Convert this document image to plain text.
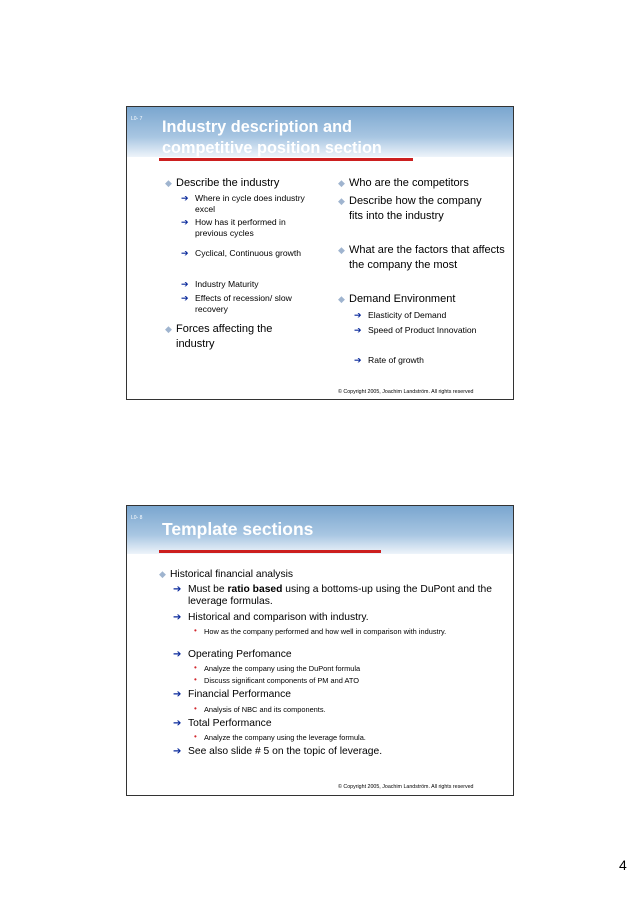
L0- 7 Industry description and
competitive position section
◆ Describe the industry
➔ Where in cycle does industry excel
➔ How has it performed in previous cycles
➔ Cyclical, Continuous growth
➔ Industry Maturity
➔ Effects of recession/ slow recovery
◆ Forces affecting the industry
◆ Who are the competitors
◆ Describe how the company fits into the industry
◆ What are the factors that affects the company the most
◆ Demand Environment
➔ Elasticity of Demand
➔ Speed of Product Innovation
➔ Rate of growth
© Copyright 2005, Joachim Landström. All rights reserved
L0- 8
Template sections
◆ Historical financial analysis
➔ Must be ratio based using a bottoms-up using the DuPont and the leverage formulas.
➔ Historical and comparison with industry.
• How as the company performed and how well in comparison with industry.
➔ Operating Perfomance
• Analyze the company using the DuPont formula
• Discuss significant components of PM and ATO
➔ Financial Performance
• Analysis of NBC and its components.
➔ Total Performance
• Analyze the company using the leverage formula.
➔ See also slide # 5 on the topic of leverage.
© Copyright 2005, Joachim Landström. All rights reserved
4
